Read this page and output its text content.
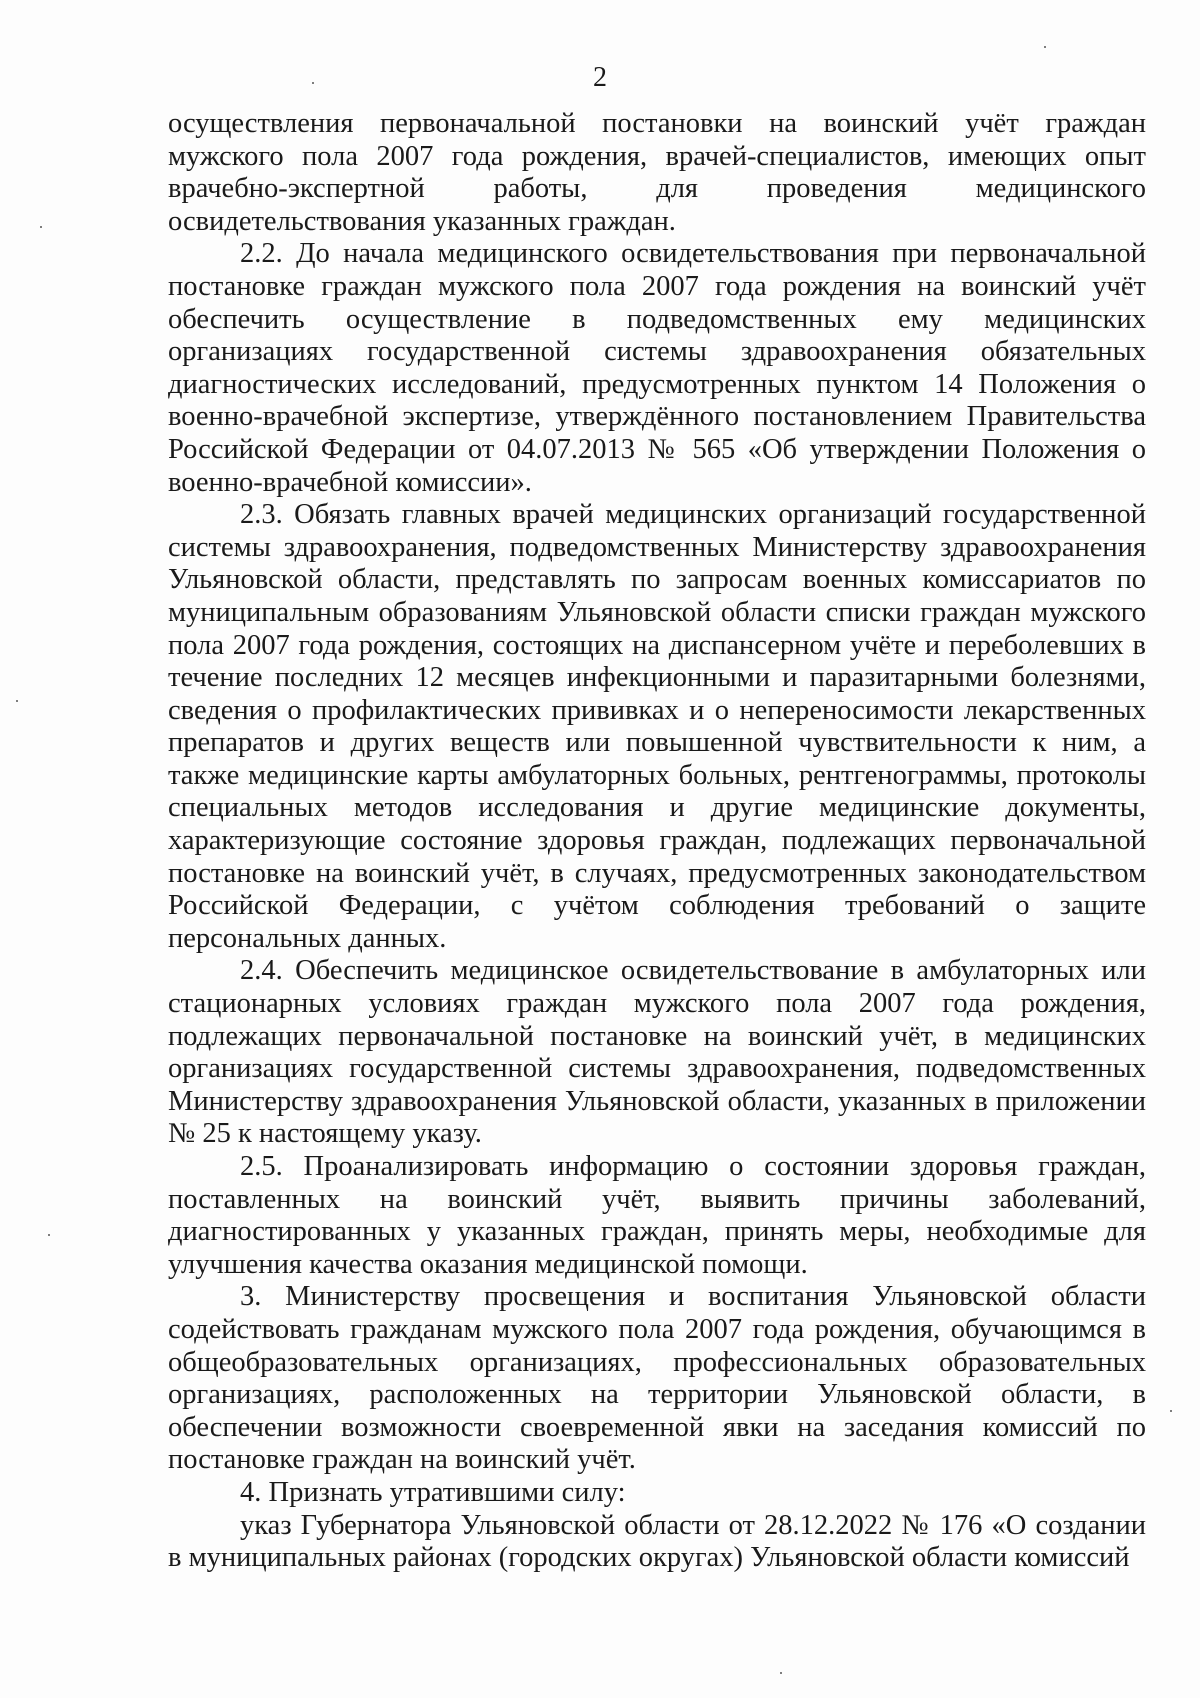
2

осуществления первоначальной постановки на воинский учёт граждан мужского пола 2007 года рождения, врачей-специалистов, имеющих опыт врачебно-экспертной работы, для проведения медицинского освидетельствования указанных граждан.

2.2. До начала медицинского освидетельствования при первоначальной постановке граждан мужского пола 2007 года рождения на воинский учёт обеспечить осуществление в подведомственных ему медицинских организациях государственной системы здравоохранения обязательных диагностических исследований, предусмотренных пунктом 14 Положения о военно-врачебной экспертизе, утверждённого постановлением Правительства Российской Федерации от 04.07.2013 № 565 «Об утверждении Положения о военно-врачебной комиссии».

2.3. Обязать главных врачей медицинских организаций государственной системы здравоохранения, подведомственных Министерству здравоохранения Ульяновской области, представлять по запросам военных комиссариатов по муниципальным образованиям Ульяновской области списки граждан мужского пола 2007 года рождения, состоящих на диспансерном учёте и переболевших в течение последних 12 месяцев инфекционными и паразитарными болезнями, сведения о профилактических прививках и о непереносимости лекарственных препаратов и других веществ или повышенной чувствительности к ним, а также медицинские карты амбулаторных больных, рентгенограммы, протоколы специальных методов исследования и другие медицинские документы, характеризующие состояние здоровья граждан, подлежащих первоначальной постановке на воинский учёт, в случаях, предусмотренных законодательством Российской Федерации, с учётом соблюдения требований о защите персональных данных.

2.4. Обеспечить медицинское освидетельствование в амбулаторных или стационарных условиях граждан мужского пола 2007 года рождения, подлежащих первоначальной постановке на воинский учёт, в медицинских организациях государственной системы здравоохранения, подведомственных Министерству здравоохранения Ульяновской области, указанных в приложении № 25 к настоящему указу.

2.5. Проанализировать информацию о состоянии здоровья граждан, поставленных на воинский учёт, выявить причины заболеваний, диагностированных у указанных граждан, принять меры, необходимые для улучшения качества оказания медицинской помощи.

3. Министерству просвещения и воспитания Ульяновской области содействовать гражданам мужского пола 2007 года рождения, обучающимся в общеобразовательных организациях, профессиональных образовательных организациях, расположенных на территории Ульяновской области, в обеспечении возможности своевременной явки на заседания комиссий по постановке граждан на воинский учёт.

4. Признать утратившими силу:

указ Губернатора Ульяновской области от 28.12.2022 № 176 «О создании в муниципальных районах (городских округах) Ульяновской области комиссий
